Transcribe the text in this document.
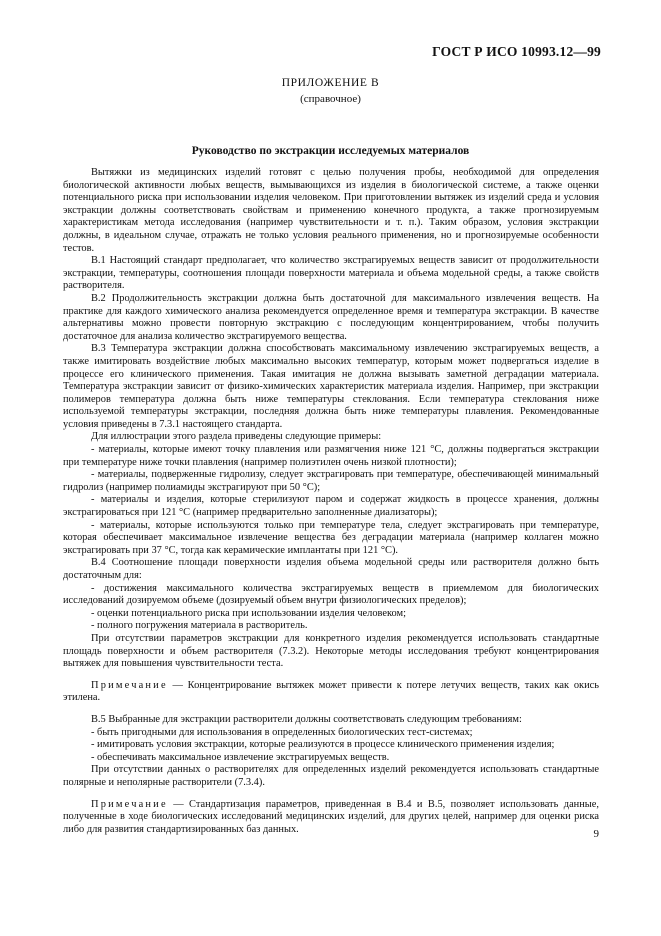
ГОСТ Р ИСО 10993.12—99
ПРИЛОЖЕНИЕ В
(справочное)
Руководство по экстракции исследуемых материалов

Вытяжки из медицинских изделий готовят с целью получения пробы, необходимой для определения биологической активности любых веществ, вымывающихся из изделия в биологической системе, а также оценки потенциального риска при использовании изделия человеком. При приготовлении вытяжек из изделий среда и условия экстракции должны соответствовать свойствам и применению конечного продукта, а также прогнозируемым характеристикам метода исследования (например чувствительности и т. п.). Таким образом, условия экстракции должны, в идеальном случае, отражать не только условия реального применения, но и прогнозируемые особенности тестов.

В.1 Настоящий стандарт предполагает, что количество экстрагируемых веществ зависит от продолжительности экстракции, температуры, соотношения площади поверхности материала и объема модельной среды, а также свойств растворителя.

В.2 Продолжительность экстракции должна быть достаточной для максимального извлечения веществ. На практике для каждого химического анализа рекомендуется определенное время и температура экстракции. В качестве альтернативы можно провести повторную экстракцию с последующим концентрированием, чтобы получить достаточное для анализа количество экстрагируемого вещества.

В.3 Температура экстракции должна способствовать максимальному извлечению экстрагируемых веществ, а также имитировать воздействие любых максимально высоких температур, которым может подвергаться изделие в процессе его клинического применения. Такая имитация не должна вызывать заметной деградации материала. Температура экстракции зависит от физико-химических характеристик материала изделия. Например, при экстракции полимеров температура должна быть ниже температуры стеклования. Если температура стеклования ниже используемой температуры экстракции, последняя должна быть ниже температуры плавления. Рекомендованные условия приведены в 7.3.1 настоящего стандарта.

Для иллюстрации этого раздела приведены следующие примеры:

- материалы, которые имеют точку плавления или размягчения ниже 121 °С, должны подвергаться экстракции при температуре ниже точки плавления (например полиэтилен очень низкой плотности);

- материалы, подверженные гидролизу, следует экстрагировать при температуре, обеспечивающей минимальный гидролиз (например полиамиды экстрагируют при 50 °С);

- материалы и изделия, которые стерилизуют паром и содержат жидкость в процессе хранения, должны экстрагироваться при 121 °С (например предварительно заполненные диализаторы);

- материалы, которые используются только при температуре тела, следует экстрагировать при температуре, которая обеспечивает максимальное извлечение вещества без деградации материала (например коллаген можно экстрагировать при 37 °С, тогда как керамические имплантаты при 121 °С).

В.4 Соотношение площади поверхности изделия объема модельной среды или растворителя должно быть достаточным для:

- достижения максимального количества экстрагируемых веществ в приемлемом для биологических исследований дозируемом объеме (дозируемый объем внутри физиологических пределов);

- оценки потенциального риска при использовании изделия человеком;

- полного погружения материала в растворитель.

При отсутствии параметров экстракции для конкретного изделия рекомендуется использовать стандартные площадь поверхности и объем растворителя (7.3.2). Некоторые методы исследования требуют концентрирования вытяжек для повышения чувствительности теста.

Примечание — Концентрирование вытяжек может привести к потере летучих веществ, таких как окись этилена.

В.5 Выбранные для экстракции растворители должны соответствовать следующим требованиям:

- быть пригодными для использования в определенных биологических тест-системах;

- имитировать условия экстракции, которые реализуются в процессе клинического применения изделия;

- обеспечивать максимальное извлечение экстрагируемых веществ.

При отсутствии данных о растворителях для определенных изделий рекомендуется использовать стандартные полярные и неполярные растворители (7.3.4).

Примечание — Стандартизация параметров, приведенная в В.4 и В.5, позволяет использовать данные, полученные в ходе биологических исследований медицинских изделий, для других целей, например для оценки риска либо для развития стандартизированных баз данных.	9
